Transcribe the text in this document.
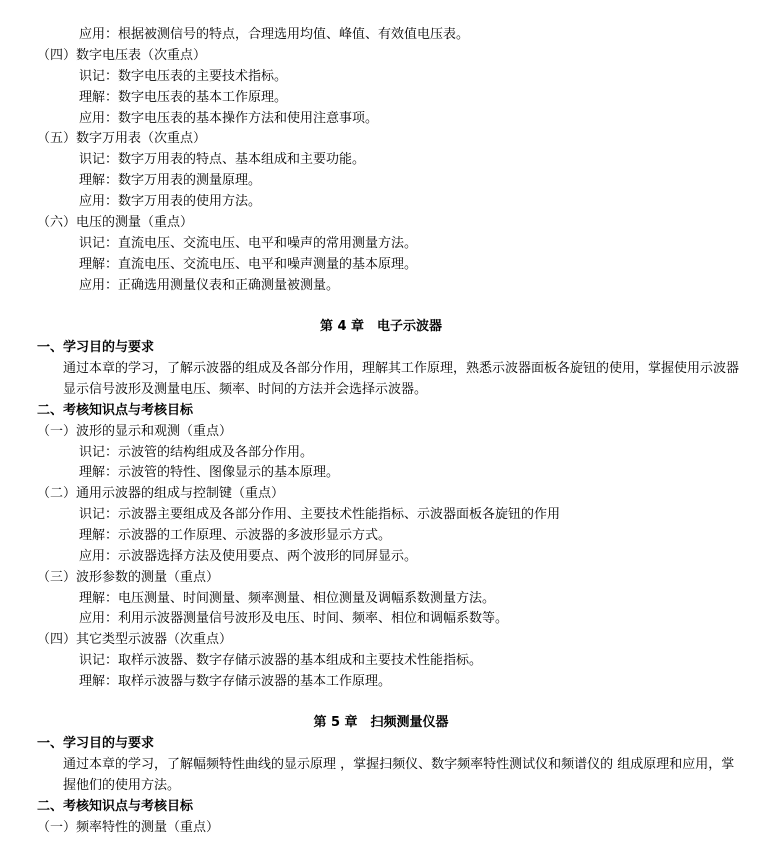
应用：根据被测信号的特点，合理选用均值、峰值、有效值电压表。
（四）数字电压表（次重点）
识记：数字电压表的主要技术指标。
理解：数字电压表的基本工作原理。
应用：数字电压表的基本操作方法和使用注意事项。
（五）数字万用表（次重点）
识记：数字万用表的特点、基本组成和主要功能。
理解：数字万用表的测量原理。
应用：数字万用表的使用方法。
（六）电压的测量（重点）
识记：直流电压、交流电压、电平和噪声的常用测量方法。
理解：直流电压、交流电压、电平和噪声测量的基本原理。
应用：正确选用测量仪表和正确测量被测量。
第 4 章　电子示波器
一、学习目的与要求
通过本章的学习，了解示波器的组成及各部分作用，理解其工作原理，熟悉示波器面板各旋钮的使用，掌握使用示波器显示信号波形及测量电压、频率、时间的方法并会选择示波器。
二、考核知识点与考核目标
（一）波形的显示和观测（重点）
识记：示波管的结构组成及各部分作用。
理解：示波管的特性、图像显示的基本原理。
（二）通用示波器的组成与控制键（重点）
识记：示波器主要组成及各部分作用、主要技术性能指标、示波器面板各旋钮的作用
理解：示波器的工作原理、示波器的多波形显示方式。
应用：示波器选择方法及使用要点、两个波形的同屏显示。
（三）波形参数的测量（重点）
理解：电压测量、时间测量、频率测量、相位测量及调幅系数测量方法。
应用：利用示波器测量信号波形及电压、时间、频率、相位和调幅系数等。
（四）其它类型示波器（次重点）
识记：取样示波器、数字存储示波器的基本组成和主要技术性能指标。
理解：取样示波器与数字存储示波器的基本工作原理。
第 5 章　扫频测量仪器
一、学习目的与要求
通过本章的学习，了解幅频特性曲线的显示原理 ，掌握扫频仪、数字频率特性测试仪和频谱仪的 组成原理和应用，掌握他们的使用方法。
二、考核知识点与考核目标
（一）频率特性的测量（重点）
